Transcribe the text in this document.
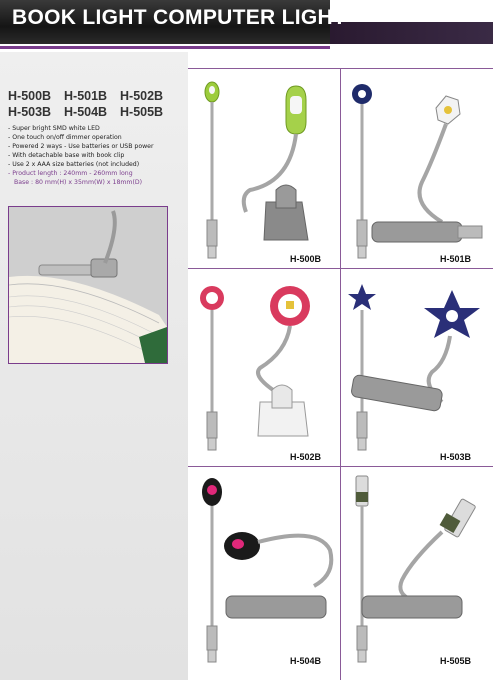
BOOK LIGHT COMPUTER LIGHT
H-500B H-501B H-502B
H-503B H-504B H-505B
- Super bright SMD white LED
- One touch on/off dimmer operation
- Powered 2 ways - Use batteries or USB power
- With detachable base with book clip
- Use 2 x AAA size batteries (not included)
- Product length : 240mm - 260mm long
Base : 80 mm(H) x 35mm(W) x 18mm(D)
H-500B	H-501B
H-502B	H-503B
H-504B	H-505B
